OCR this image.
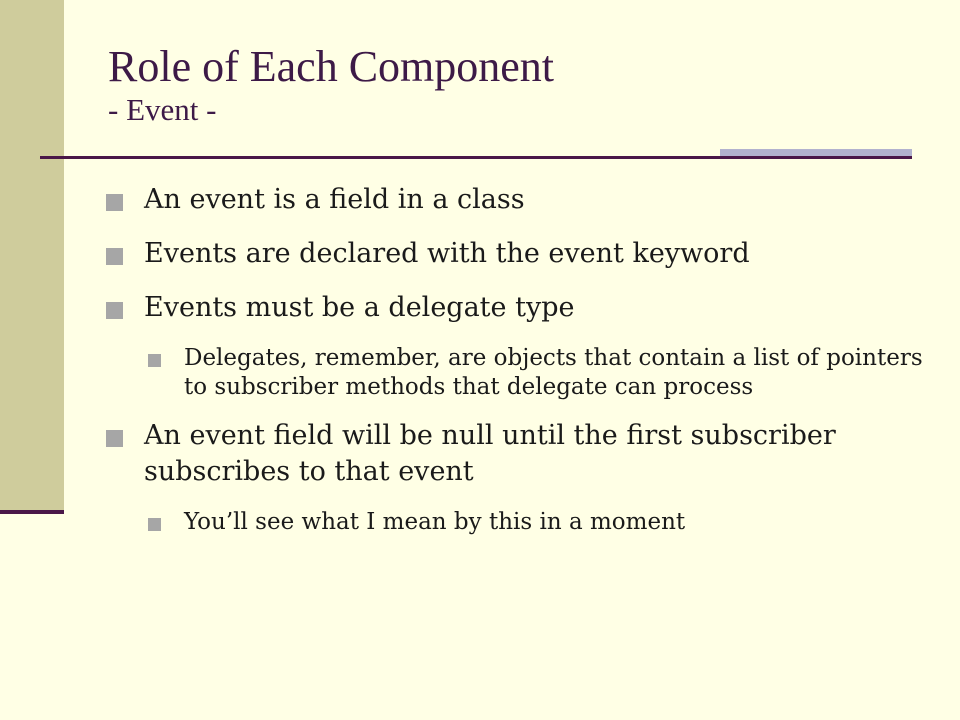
Role of Each Component
- Event -
An event is a field in a class
Events are declared with the event keyword
Events must be a delegate type
Delegates, remember, are objects that contain a list of pointers to subscriber methods that delegate can process
An event field will be null until the first subscriber subscribes to that event
You’ll see what I mean by this in a moment
